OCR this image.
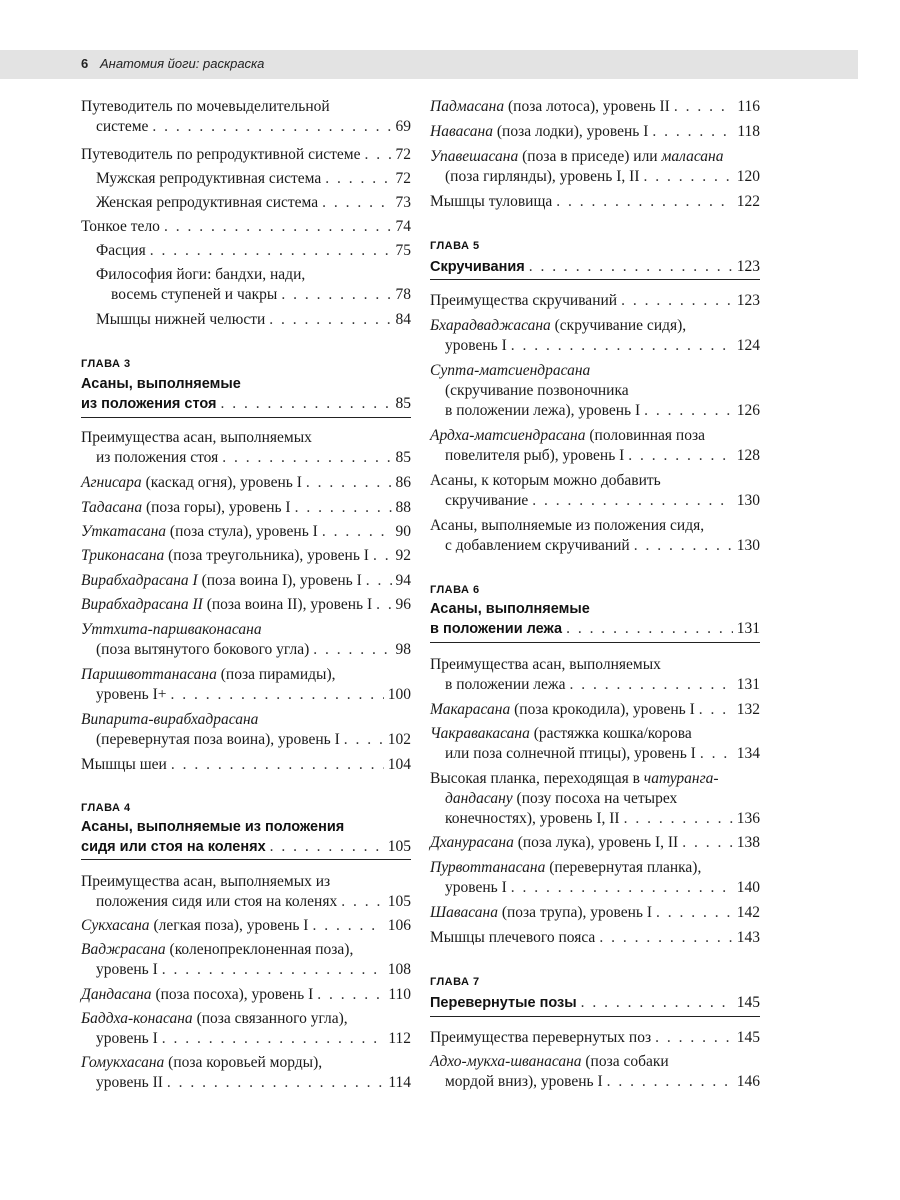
6 Анатомия йоги: раскраска
Путеводитель по мочевыделительной
системе . . .	69
Путеводитель по репродуктивной системе . . . 72
Мужская репродуктивная система . . .	72
Женская репродуктивная система . . .	73
Тонкое тело . . .	74
Фасция . . .	75
Философия йоги: бандхи, нади,
восемь ступеней и чакры . . .	78
Мышцы нижней челюсти . . .	84
ГЛАВА 3
Асаны, выполняемые
из положения стоя . . .	85
Преимущества асан, выполняемых
из положения стоя . . .	85
Агнисара (каскад огня), уровень I . . .	86
Тадасана (поза горы), уровень I . . .	88
Уткатасана (поза стула), уровень I . . .	90
Триконасана (поза треугольника), уровень I . . . 92
Вирабхадрасана I (поза воина I), уровень I . . . 94
Вирабхадрасана II (поза воина II), уровень I . . . 96
Уттхита-паршваконасана
(поза вытянутого бокового угла) . . .	98
Паришвоттанасана (поза пирамиды),
уровень I+ . . .	100
Випарита-вирабхадрасана
(перевернутая поза воина), уровень I . . .	102
Мышцы шеи . . .	104
ГЛАВА 4
Асаны, выполняемые из положения
сидя или стоя на коленях . . .	105
Преимущества асан, выполняемых из
положения сидя или стоя на коленях . . .	105
Сукхасана (легкая поза), уровень I . . .	106
Ваджрасана (коленопреклоненная поза),
уровень I . . .	108
Дандасана (поза посоха), уровень I . . .	110
Баддха-конасана (поза связанного угла),
уровень I . . .	112
Гомукхасана (поза коровьей морды),
уровень II . . .	114
Падмасана (поза лотоса), уровень II . . .	116
Навасана (поза лодки), уровень I . . .	118
Упавешасана (поза в приседе) или маласана
(поза гирлянды), уровень I, II . . .	120
Мышцы туловища . . .	122
ГЛАВА 5
Скручивания . . .	123
Преимущества скручиваний . . .	123
Бхарадваджасана (скручивание сидя),
уровень I . . .	124
Супта-матсиендрасана
(скручивание позвоночника
в положении лежа), уровень I . . .	126
Ардха-матсиендрасана (половинная поза
повелителя рыб), уровень I . . .	128
Асаны, к которым можно добавить
скручивание . . .	130
Асаны, выполняемые из положения сидя,
с добавлением скручиваний . . .	130
ГЛАВА 6
Асаны, выполняемые
в положении лежа . . .	131
Преимущества асан, выполняемых
в положении лежа . . .	131
Макарасана (поза крокодила), уровень I . . .	132
Чакравакасана (растяжка кошка/корова
или поза солнечной птицы), уровень I . . .	134
Высокая планка, переходящая в чатуранга-
дандасану (позу посоха на четырех
конечностях), уровень I, II . . .	136
Дханурасана (поза лука), уровень I, II . . .	138
Пурвоттанасана (перевернутая планка),
уровень I . . .	140
Шавасана (поза трупа), уровень I . . .	142
Мышцы плечевого пояса . . .	143
ГЛАВА 7
Перевернутые позы . . .	145
Преимущества перевернутых поз . . .	145
Адхо-мукха-шванасана (поза собаки
мордой вниз), уровень I . . .	146
